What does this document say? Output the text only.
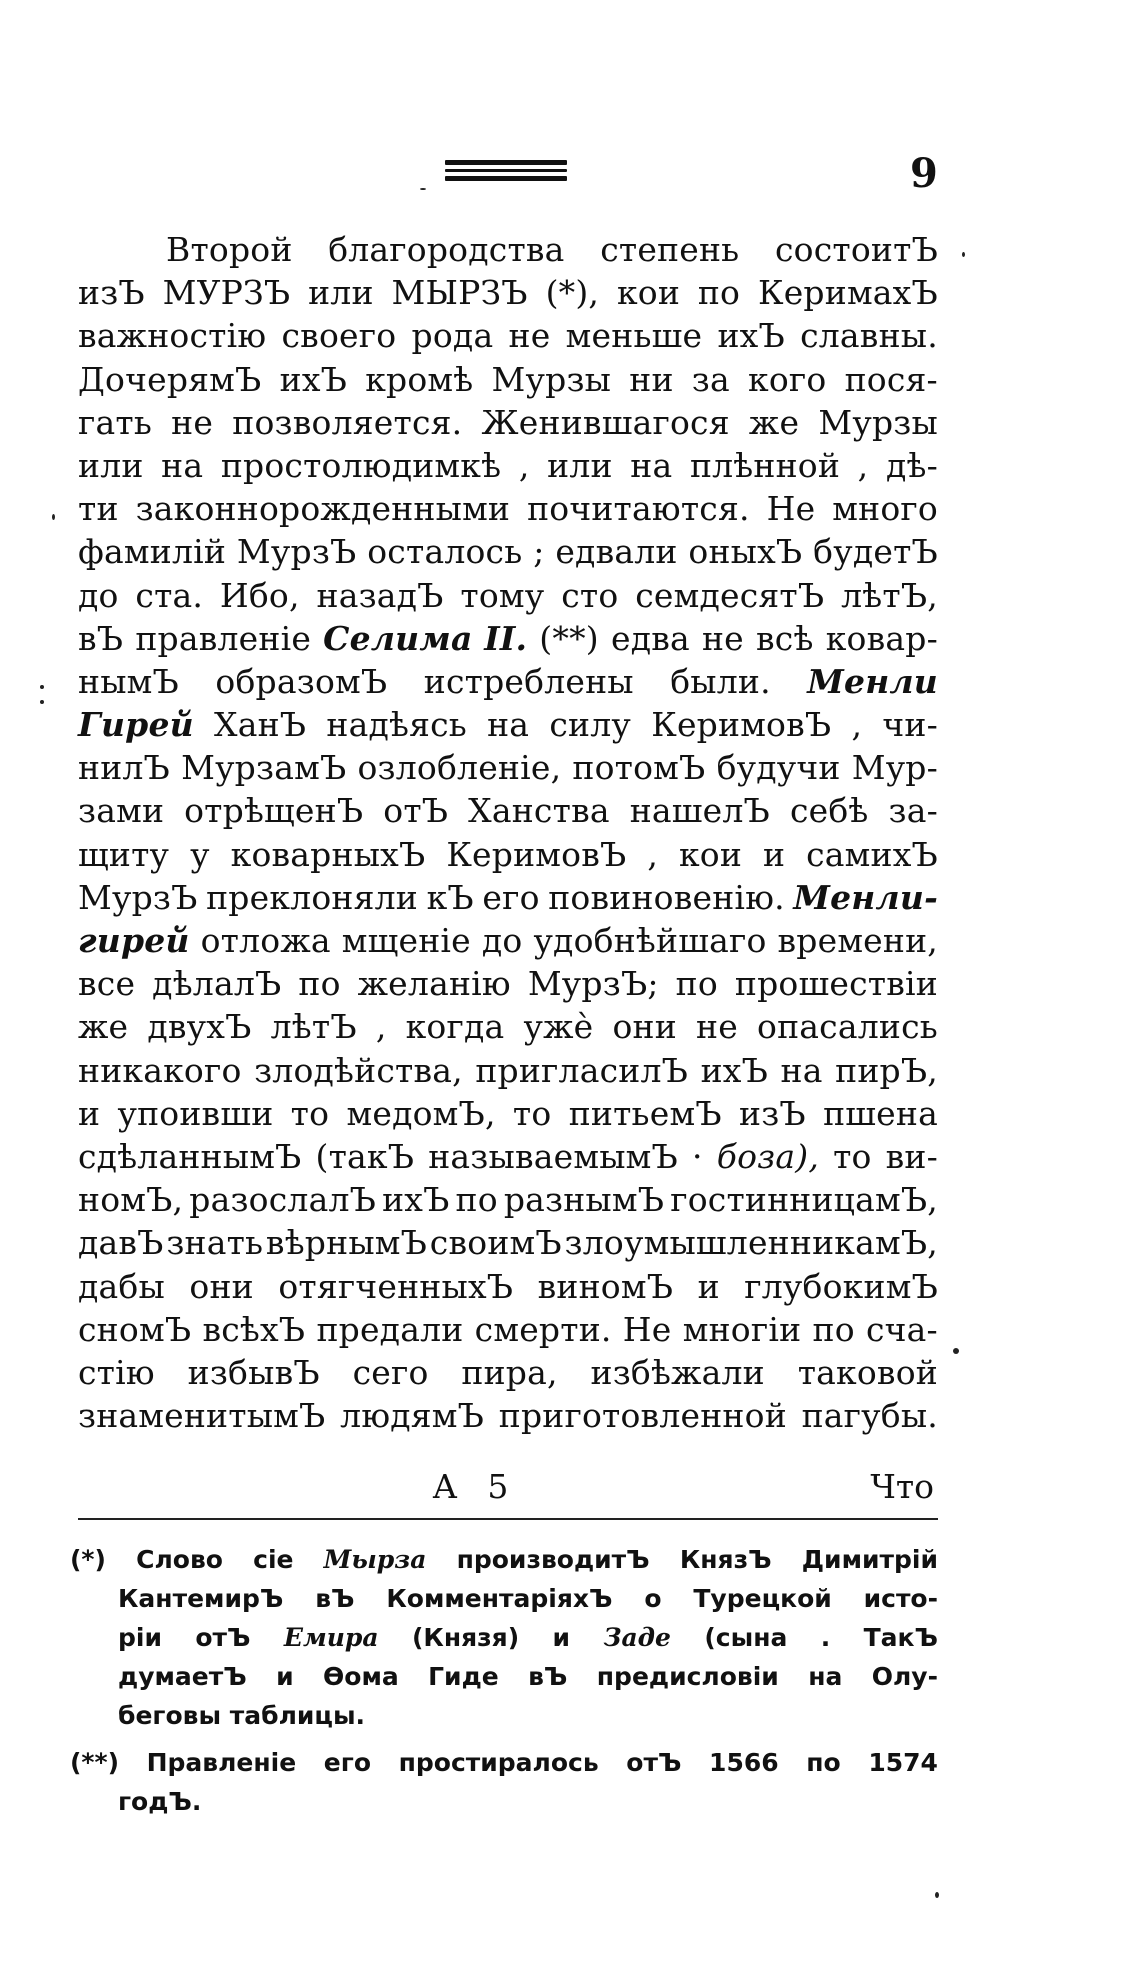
9
Второй благородства степень состоитЪ
изЪ МУРЗЪ или МЫРЗЪ (*), кои по КеримахЪ
важностію своего рода не меньше ихЪ славны.
ДочерямЪ ихЪ кромѣ Мурзы ни за кого пося-
гать не позволяется. Женившагося же Мурзы
или на простолюдимкѣ , или на плѣнной , дѣ-
ти законнорожденными почитаются. Не много
фамилій МурзЪ осталось ; едвали оныхЪ будетЪ
до ста. Ибо, назадЪ тому сто семдесятЪ лѣтЪ,
вЪ правленіе Селима II. (**) едва не всѣ ковар-
нымЪ образомЪ истреблены были. Менли
Гирей ХанЪ надѣясь на силу КеримовЪ , чи-
нилЪ МурзамЪ озлобленіе, потомЪ будучи Мур-
зами отрѣщенЪ отЪ Ханства нашелЪ себѣ за-
щиту у коварныхЪ КеримовЪ , кои и самихЪ
МурзЪ преклоняли кЪ его повиновенію. Менли-
гирей отложа мщеніе до удобнѣйшаго времени,
все дѣлалЪ по желанію МурзЪ; по прошествіи
же двухЪ лѣтЪ , когда ужѐ они не опасались
никакого злодѣйства, пригласилЪ ихЪ на пирЪ,
и упоивши то медомЪ, то питьемЪ изЪ пшена
сдѣланнымЪ (такЪ называемымЪ · боза), то ви-
номЪ, разослалЪ ихЪ по разнымЪ гостинницамЪ,
давЪ знать вѣрнымЪ своимЪ злоумышленникамЪ,
дабы они отягченныхЪ виномЪ и глубокимЪ
сномЪ всѣхЪ предали смерти. Не многіи по сча-
стію избывЪ сего пира, избѣжали таковой
знаменитымЪ людямЪ приготовленной пагубы.
A 5	Что
(*) Слово сіе Мырза производитЪ КнязЪ Димитрій
КантемирЪ вЪ КомментаріяхЪ о Турецкой исто-
ріи отЪ Емира (Князя) и Заде (сына . ТакЪ
думаетЪ и Ѳома Гиде вЪ предисловіи на Олу-
беговы таблицы.
(**) Правленіе его простиралось отЪ 1566 по 1574
годЪ.
